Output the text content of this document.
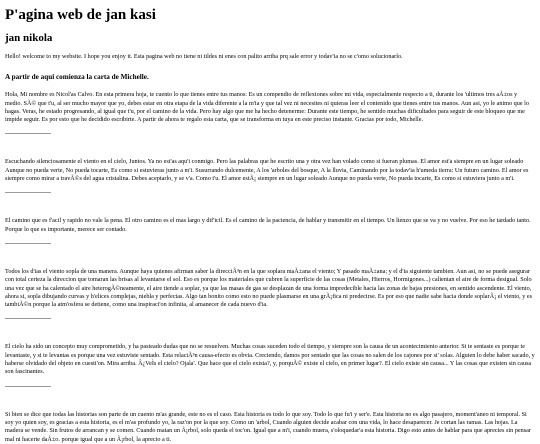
P'agina web de jan kasi
jan nikola

Hello! welcome to my website. I hope you enjoy it. Esta pagina web no tiene ni tildes ni enes con palito arriba prq sale error y todav'ia no se c'omo solucionarlo.

A partir de aqui comienza la carta de Michelle.

Hola, Mi nombre es Nicol'as Calvo. En esta primera hoja, te cuento lo que tienes entre tus manos: Es un compendio de reflexiones sobre mi vida, especialmente respecto a ti, durante los 'ultimos tres aÃ±os y medio. SÃ© que t'u, al ser mucho mayor que yo, debes estar en otra etapa de la vida diferente a la m'ia y que tal vez ni necesites ni quieras leer el contenido que tienes entre tus manos. Aun asi, yo le animo que lo hagas. Veras, he estado progresando, al igual que t'u, por el camino de la vida. Pero hay algo que me ha hecho detenerme: Durante este tiempo, he sentido muchas dificultades para seguir de este bloqueo que me impide seguir. Es por esto que he decidido escribirte. A partir de ahora te regalo esta carta, que se transforma en tuya en este preciso instante. Gracias por todo, Michelle.

Escuchando silenciosamente el viento en el cielo, Juntos. Ya no est'as aqu'i conmigo. Pero las palabras que he escrito una y otra vez han volado como si fueran plumas. El amor est'a siempre en un lugar soleado Aunque no pueda verte, No pueda tocarte, Es como si estuvieras junto a m'i. Susurrando dulcemente, A los 'arboles del bosque, A la lluvia, Caminando por la todav'ia h'umeda tierra: Un futuro camino. El amor es siempre como mirar a travÃ©s del agua cristalina. Debes aceptarlo, y se v'a. Como t'u. El amor estÃ¡ siempre en un lugar soleado Aunque no pueda verte, No pueda tocarte, Es como si estuviera junto a m'i.

El camino que es f'acil y rapido no vale la pena. El otro camino es el mas largo y dif'icil. Es el camino de la paciencia, de hablar y transmitir en el tiempo. Un lienzo que se va y no vuelve. Por eso he tardado tanto. Porque lo que es importante, merece ser contado.

Todos los d'ias el viento sopla de una manera. Aunque haya quienes afirman saber la direcciÃ³n en la que soplara maÃ±ana el viento; Y pasado maÃ±ana; y el d'ia siguiente tambien. Aun asi, no se puede asegurar con total certeza la direccion que tomaran las brisas al levantarse el sol. Eso es porque los materiales que cubren la superficie de las cosas (Metales, Hierros, Hormigones...) calientan el aire de forma desigual. Solo una vez que se ha calentado el aire heterogÃ©neamente, el aire tiende a soplar, ya que las masas de gas se desplazan de una forma impredecible hacia las zonas de bajas presiones, en sentido ascendente. El viento, ahora si, sopla dibujando curvas y h'elices complejas, niebla y perfectas. Algo tan bonito como esto no puede plasmarse en una grÃ¡fica ni predecirse. Es por eso que nadie sabe hacia donde soplarÃ¡ el viento, y es tambiÃ©n porque la atm'osfera se detiene, como una inspiraci'on infinita, al amanecer de cada nuevo d'ia.

El cielo ha sido un concepto muy comprometido, y ha pasteado dudas que no se resuelven. Muchas cosas suceden todo el tiempo, y siempre son la causa de un acontecimiento anterior. Si te sentaste es porque te levantaste, y si te levantas es porque una vez estuviste sentado. Esta relaciÃ³n causa-efecto es obvia. Creciendo, damos por sentado que las cosas no salen de los cajones por si' solas. Alguien lo debe haber sacado, y haberse olvidado del objeto en cuesti'on. Mira arriba. Â¿VeÌs el cielo? Ojala'. Que hace que el cielo exista?, y, porquÃ© existe el cielo, en primer lugar?. El cielo existe sin causa... Y las cosas que existen sin causa son fascinantes.

Si bien se dice que todas las historias son parte de un cuento m'as grande, este no es el caso. Esta historia es todo lo que soy. Todo lo que fu'i y ser'e. Esta historia no es algo pasajero, moment'aneo ni temporal. Si soy yo quien soy, es gracias a esta historia, es el m'as profundo yo, la raz'on por la que soy. Como un 'arbol, Cuando alguien decide acabar con una vida, lo hace desaparecer. Je cortan las ramas. Las hojas. La madera se vende. Sin frutos de arrancan y se comen. Cuando matan un Ã¡rbol, solo queda el toc'on. Igual que a m'i, cuando muera, s'oloquedar'a esta historia. Digo esto antes de hablar para que aprecies sin pensar mal ni hacerte daÃ±o. porque igual que a un Ã¡rbol, la aprecio a ti.
